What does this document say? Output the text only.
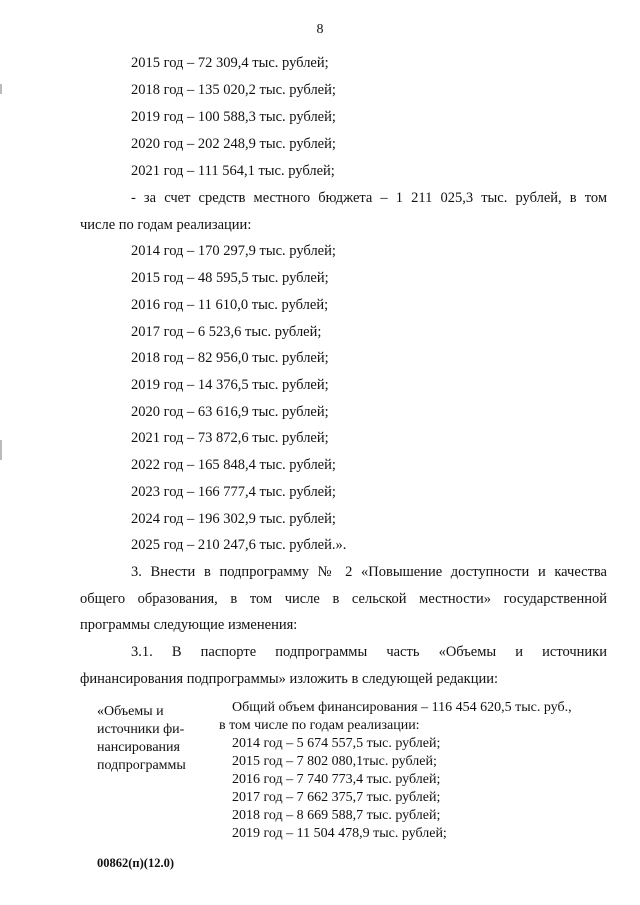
8
2015 год – 72 309,4 тыс. рублей;
2018 год – 135 020,2 тыс. рублей;
2019 год – 100 588,3 тыс. рублей;
2020 год – 202 248,9 тыс. рублей;
2021 год – 111 564,1 тыс. рублей;
- за счет средств местного бюджета – 1 211 025,3 тыс. рублей, в том
числе по годам реализации:
2014 год – 170 297,9 тыс. рублей;
2015 год – 48 595,5 тыс. рублей;
2016 год – 11 610,0 тыс. рублей;
2017 год – 6 523,6 тыс. рублей;
2018 год – 82 956,0 тыс. рублей;
2019 год – 14 376,5 тыс. рублей;
2020 год – 63 616,9 тыс. рублей;
2021 год – 73 872,6 тыс. рублей;
2022 год – 165 848,4 тыс. рублей;
2023 год – 166 777,4 тыс. рублей;
2024 год – 196 302,9 тыс. рублей;
2025 год – 210 247,6 тыс. рублей.».
3. Внести в подпрограмму № 2 «Повышение доступности и качества
общего образования, в том числе в сельской местности» государственной
программы следующие изменения:
3.1. В паспорте подпрограммы часть «Объемы и источники
финансирования подпрограммы» изложить в следующей редакции:
«Объемы и
источники фи-
нансирования
подпрограммы
Общий объем финансирования – 116 454 620,5 тыс. руб.,
в том числе по годам реализации:
2014 год – 5 674 557,5 тыс. рублей;
2015 год – 7 802 080,1тыс. рублей;
2016 год – 7 740 773,4 тыс. рублей;
2017 год – 7 662 375,7 тыс. рублей;
2018 год – 8 669 588,7 тыс. рублей;
2019 год – 11 504 478,9 тыс. рублей;
00862(п)(12.0)
